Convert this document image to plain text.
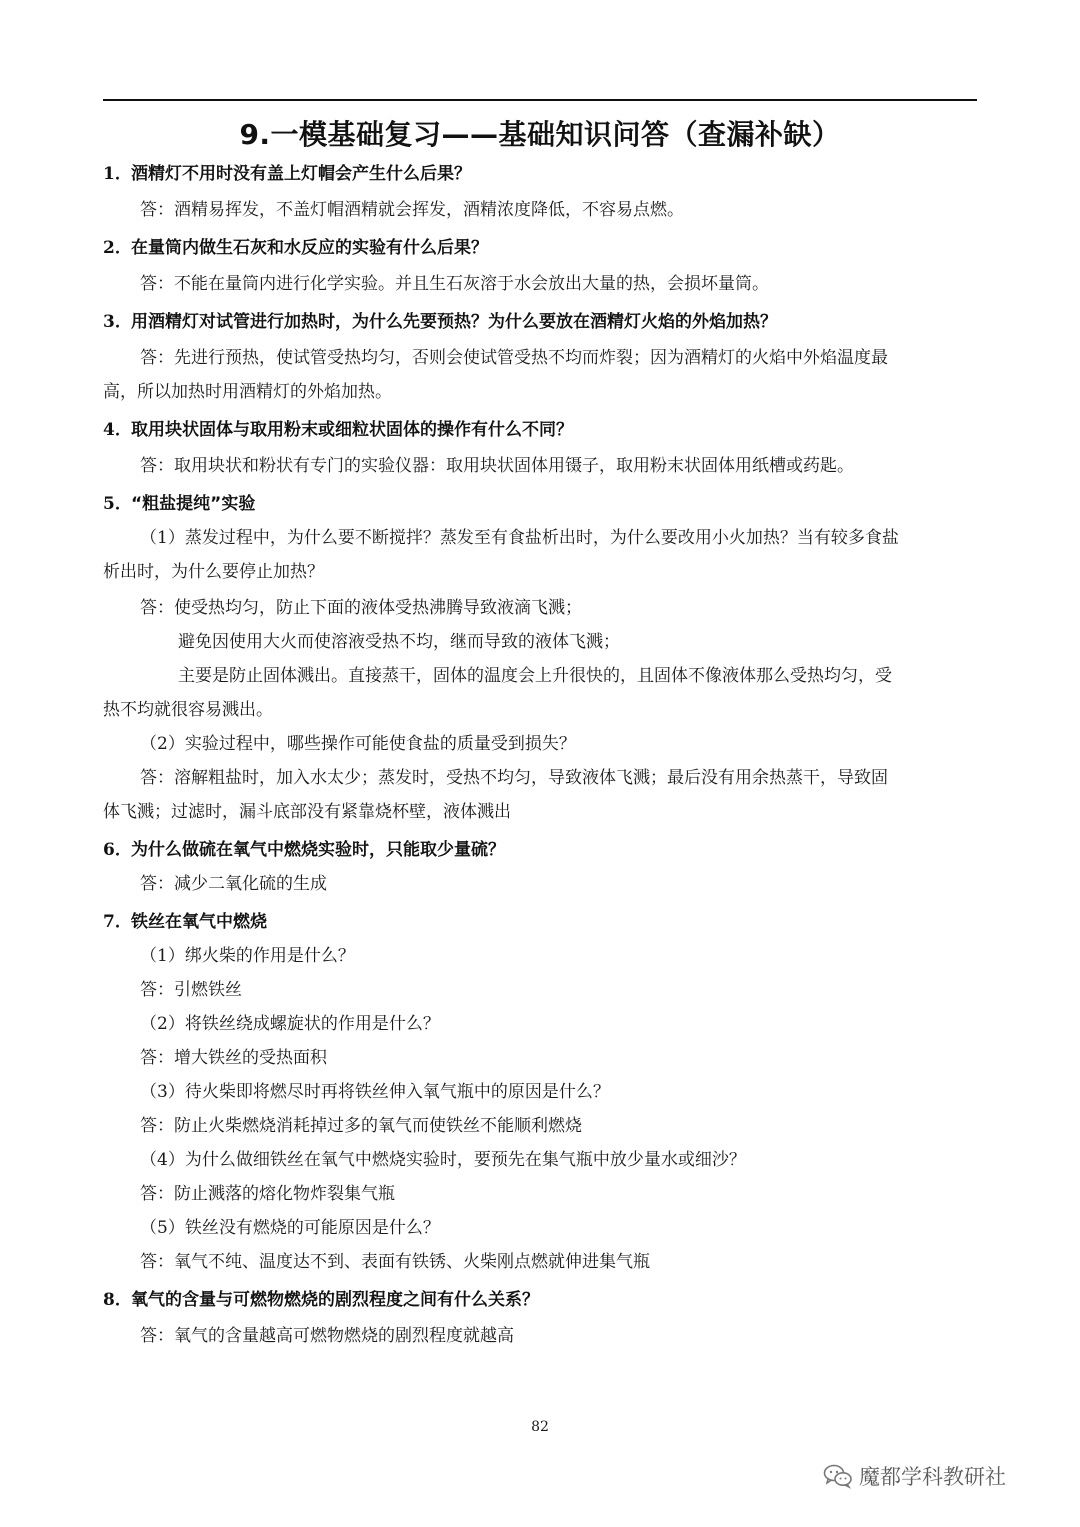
9.一模基础复习——基础知识问答（查漏补缺）
1．酒精灯不用时没有盖上灯帽会产生什么后果？
答：酒精易挥发，不盖灯帽酒精就会挥发，酒精浓度降低，不容易点燃。
2．在量筒内做生石灰和水反应的实验有什么后果？
答：不能在量筒内进行化学实验。并且生石灰溶于水会放出大量的热，会损坏量筒。
3．用酒精灯对试管进行加热时，为什么先要预热？为什么要放在酒精灯火焰的外焰加热？
答：先进行预热，使试管受热均匀，否则会使试管受热不均而炸裂；因为酒精灯的火焰中外焰温度最
高，所以加热时用酒精灯的外焰加热。
4．取用块状固体与取用粉末或细粒状固体的操作有什么不同？
答：取用块状和粉状有专门的实验仪器：取用块状固体用镊子，取用粉末状固体用纸槽或药匙。
5．“粗盐提纯”实验
（1）蒸发过程中，为什么要不断搅拌？蒸发至有食盐析出时，为什么要改用小火加热？当有较多食盐
析出时，为什么要停止加热？
答：使受热均匀，防止下面的液体受热沸腾导致液滴飞溅；
避免因使用大火而使溶液受热不均，继而导致的液体飞溅；
主要是防止固体溅出。直接蒸干，固体的温度会上升很快的，且固体不像液体那么受热均匀，受
热不均就很容易溅出。
（2）实验过程中，哪些操作可能使食盐的质量受到损失？
答：溶解粗盐时，加入水太少；蒸发时，受热不均匀，导致液体飞溅；最后没有用余热蒸干，导致固
体飞溅；过滤时，漏斗底部没有紧靠烧杯壁，液体溅出
6．为什么做硫在氧气中燃烧实验时，只能取少量硫？
答：减少二氧化硫的生成
7．铁丝在氧气中燃烧
（1）绑火柴的作用是什么？
答：引燃铁丝
（2）将铁丝绕成螺旋状的作用是什么？
答：增大铁丝的受热面积
（3）待火柴即将燃尽时再将铁丝伸入氧气瓶中的原因是什么？
答：防止火柴燃烧消耗掉过多的氧气而使铁丝不能顺利燃烧
（4）为什么做细铁丝在氧气中燃烧实验时，要预先在集气瓶中放少量水或细沙？
答：防止溅落的熔化物炸裂集气瓶
（5）铁丝没有燃烧的可能原因是什么？
答：氧气不纯、温度达不到、表面有铁锈、火柴刚点燃就伸进集气瓶
8．氧气的含量与可燃物燃烧的剧烈程度之间有什么关系？
答：氧气的含量越高可燃物燃烧的剧烈程度就越高
82
魔都学科教研社
